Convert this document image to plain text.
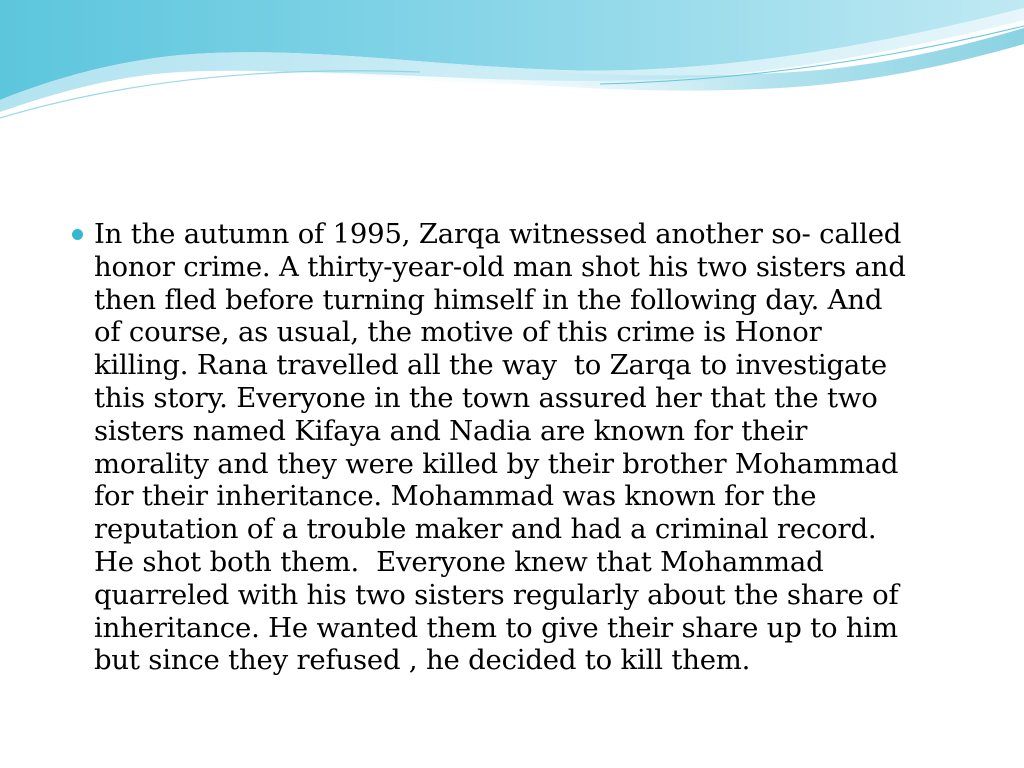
In the autumn of 1995, Zarqa witnessed another so- called
honor crime. A thirty-year-old man shot his two sisters and
then fled before turning himself in the following day. And
of course, as usual, the motive of this crime is Honor
killing. Rana travelled all the way  to Zarqa to investigate
this story. Everyone in the town assured her that the two
sisters named Kifaya and Nadia are known for their
morality and they were killed by their brother Mohammad
for their inheritance. Mohammad was known for the
reputation of a trouble maker and had a criminal record.
He shot both them.  Everyone knew that Mohammad
quarreled with his two sisters regularly about the share of
inheritance. He wanted them to give their share up to him
but since they refused , he decided to kill them.
